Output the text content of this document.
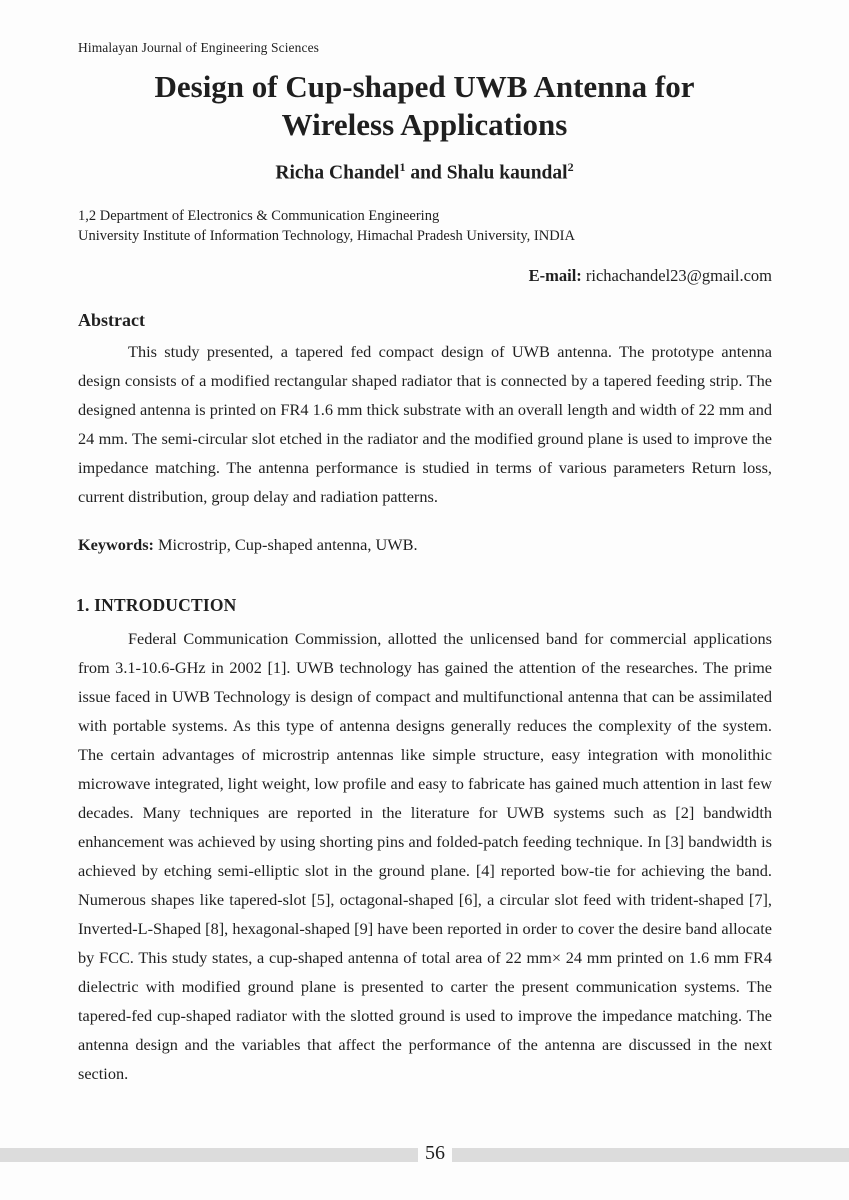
Himalayan Journal of Engineering Sciences
Design of Cup-shaped UWB Antenna for
Wireless Applications
Richa Chandel$^1$ and Shalu kaundal$^2$
1,2 Department of Electronics & Communication Engineering
University Institute of Information Technology, Himachal Pradesh University, INDIA
E-mail: richachandel23@gmail.com
Abstract
This study presented, a tapered fed compact design of UWB antenna. The prototype antenna design consists of a modified rectangular shaped radiator that is connected by a tapered feeding strip. The designed antenna is printed on FR4 1.6 mm thick substrate with an overall length and width of 22 mm and 24 mm. The semi-circular slot etched in the radiator and the modified ground plane is used to improve the impedance matching. The antenna performance is studied in terms of various parameters Return loss, current distribution, group delay and radiation patterns.
Keywords: Microstrip, Cup-shaped antenna, UWB.
1. INTRODUCTION
Federal Communication Commission, allotted the unlicensed band for commercial applications from 3.1-10.6-GHz in 2002 [1]. UWB technology has gained the attention of the researches. The prime issue faced in UWB Technology is design of compact and multifunctional antenna that can be assimilated with portable systems. As this type of antenna designs generally reduces the complexity of the system. The certain advantages of microstrip antennas like simple structure, easy integration with monolithic microwave integrated, light weight, low profile and easy to fabricate has gained much attention in last few decades. Many techniques are reported in the literature for UWB systems such as [2] bandwidth enhancement was achieved by using shorting pins and folded-patch feeding technique. In [3] bandwidth is achieved by etching semi-elliptic slot in the ground plane. [4] reported bow-tie for achieving the band. Numerous shapes like tapered-slot [5], octagonal-shaped [6], a circular slot feed with trident-shaped [7], Inverted-L-Shaped [8], hexagonal-shaped [9] have been reported in order to cover the desire band allocate by FCC. This study states, a cup-shaped antenna of total area of 22 mm× 24 mm printed on 1.6 mm FR4 dielectric with modified ground plane is presented to carter the present communication systems. The tapered-fed cup-shaped radiator with the slotted ground is used to improve the impedance matching. The antenna design and the variables that affect the performance of the antenna are discussed in the next section.
56
